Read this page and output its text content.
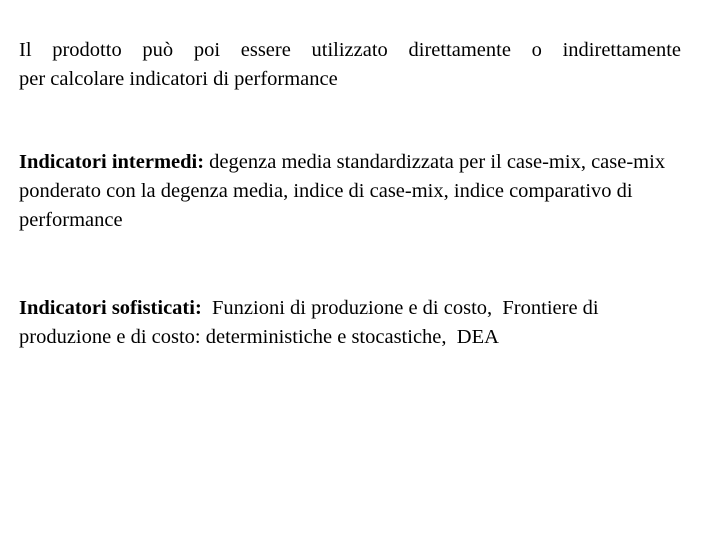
Il prodotto può poi essere utilizzato direttamente o indirettamente
per calcolare indicatori di performance

Indicatori intermedi: degenza media standardizzata per il case-mix, case-mix ponderato con la degenza media, indice di case-mix, indice comparativo di performance

Indicatori sofisticati:  Funzioni di produzione e di costo,  Frontiere di produzione e di costo: deterministiche e stocastiche,  DEA
